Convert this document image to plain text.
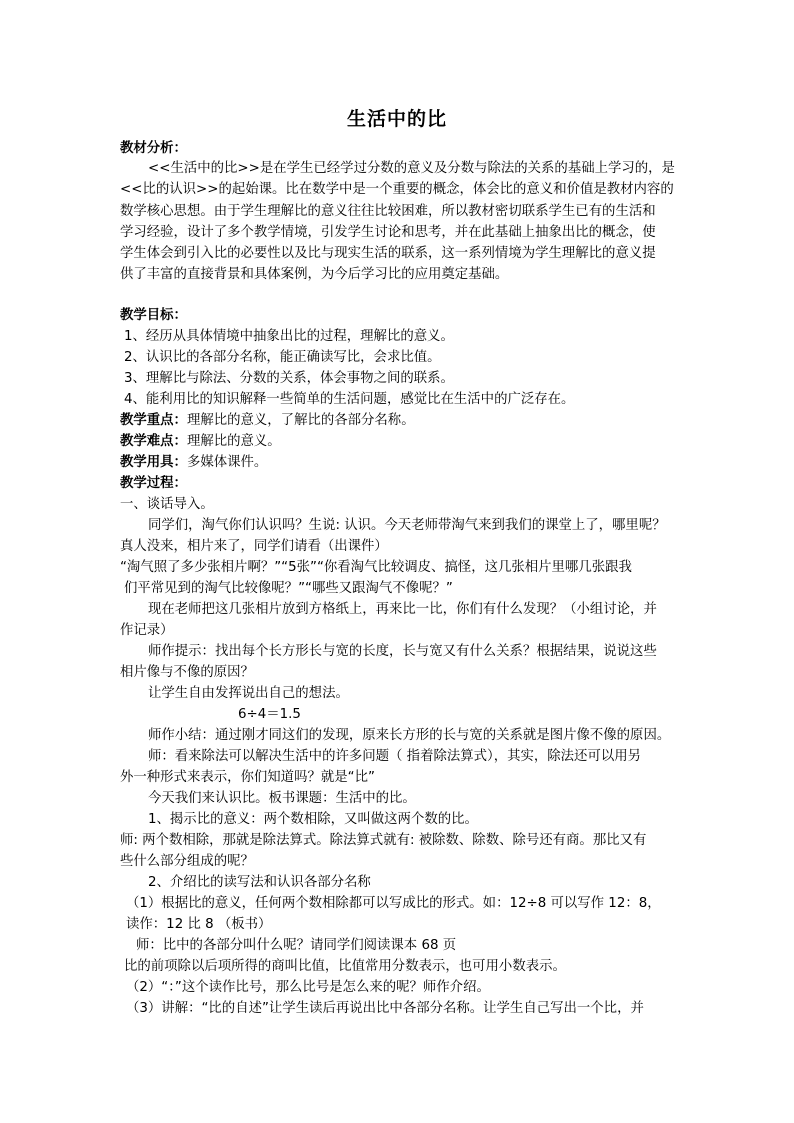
生活中的比
教材分析：
<<生活中的比>>是在学生已经学过分数的意义及分数与除法的关系的基础上学习的，是
<<比的认识>>的起始课。比在数学中是一个重要的概念，体会比的意义和价值是教材内容的
数学核心思想。由于学生理解比的意义往往比较困难，所以教材密切联系学生已有的生活和
学习经验，设计了多个教学情境，引发学生讨论和思考，并在此基础上抽象出比的概念，使
学生体会到引入比的必要性以及比与现实生活的联系，这一系列情境为学生理解比的意义提
供了丰富的直接背景和具体案例，为今后学习比的应用奠定基础。
教学目标：
1、经历从具体情境中抽象出比的过程，理解比的意义。
2、认识比的各部分名称，能正确读写比，会求比值。
3、理解比与除法、分数的关系，体会事物之间的联系。
4、能利用比的知识解释一些简单的生活问题，感觉比在生活中的广泛存在。
教学重点：理解比的意义，了解比的各部分名称。
教学难点：理解比的意义。
教学用具：多媒体课件。
教学过程：
一、谈话导入。
同学们，淘气你们认识吗？生说: 认识。今天老师带淘气来到我们的课堂上了，哪里呢？
真人没来，相片来了，同学们请看（出课件）
“淘气照了多少张相片啊？”“5张”“你看淘气比较调皮、搞怪，这几张相片里哪几张跟我
们平常见到的淘气比较像呢？”“哪些又跟淘气不像呢？”
现在老师把这几张相片放到方格纸上，再来比一比，你们有什么发现？（小组讨论，并
作记录）
师作提示：找出每个长方形长与宽的长度，长与宽又有什么关系？根据结果，说说这些
相片像与不像的原因？
让学生自由发挥说出自己的想法。
6÷4＝1.5
师作小结：通过刚才同这们的发现，原来长方形的长与宽的关系就是图片像不像的原因。
师：看来除法可以解决生活中的许多问题（ 指着除法算式），其实，除法还可以用另
外一种形式来表示，你们知道吗？就是“比”
今天我们来认识比。板书课题：生活中的比。
1、揭示比的意义：两个数相除，又叫做这两个数的比。
师: 两个数相除，那就是除法算式。除法算式就有: 被除数、除数、除号还有商。那比又有
些什么部分组成的呢？
2、介绍比的读写法和认识各部分名称
（1）根据比的意义，任何两个数相除都可以写成比的形式。如：12÷8 可以写作 12：8，
读作：12 比 8 （板书）
师：比中的各部分叫什么呢？请同学们阅读课本 68 页
比的前项除以后项所得的商叫比值，比值常用分数表示，也可用小数表示。
（2）“：”这个读作比号，那么比号是怎么来的呢？师作介绍。
（3）讲解：“比的自述”让学生读后再说出比中各部分名称。让学生自己写出一个比，并
